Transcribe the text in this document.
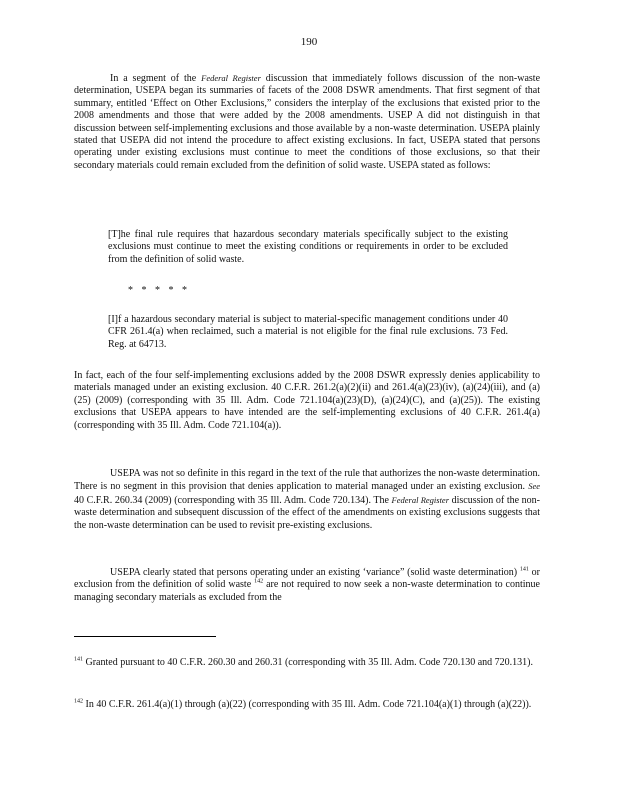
190

In a segment of the Federal Register discussion that immediately follows discussion of the non-waste determination, USEPA began its summaries of facets of the 2008 DSWR amendments. That first segment of that summary, entitled ‘Effect on Other Exclusions,” considers the interplay of the exclusions that existed prior to the 2008 amendments and those that were added by the 2008 amendments. USEP A did not distinguish in that discussion between self-implementing exclusions and those available by a non-waste determination. USEPA plainly stated that USEPA did not intend the procedure to affect existing exclusions. In fact, USEPA stated that persons operating under existing exclusions must continue to meet the conditions of those exclusions, so that their secondary materials could remain excluded from the definition of solid waste. USEPA stated as follows:

[T]he final rule requires that hazardous secondary materials specifically subject to the existing exclusions must continue to meet the existing conditions or requirements in order to be excluded from the definition of solid waste.
* * * * *
[I]f a hazardous secondary material is subject to material-specific management conditions under 40 CFR 261.4(a) when reclaimed, such a material is not eligible for the final rule exclusions. 73 Fed. Reg. at 64713.

In fact, each of the four self-implementing exclusions added by the 2008 DSWR expressly denies applicability to materials managed under an existing exclusion. 40 C.F.R. 261.2(a)(2)(ii) and 261.4(a)(23)(iv), (a)(24)(iii), and (a)(25) (2009) (corresponding with 35 Ill. Adm. Code 721.104(a)(23)(D), (a)(24)(C), and (a)(25)). The existing exclusions that USEPA appears to have intended are the self-implementing exclusions of 40 C.F.R. 261.4(a) (corresponding with 35 Ill. Adm. Code 721.104(a)).

USEPA was not so definite in this regard in the text of the rule that authorizes the non-waste determination. There is no segment in this provision that denies application to material managed under an existing exclusion. See 40 C.F.R. 260.34 (2009) (corresponding with 35 Ill. Adm. Code 720.134). The Federal Register discussion of the non-waste determination and subsequent discussion of the effect of the amendments on existing exclusions suggests that the non-waste determination can be used to revisit pre-existing exclusions.

USEPA clearly stated that persons operating under an existing ‘variance” (solid waste determination) $^{141}$ or exclusion from the definition of solid waste $^{142}$ are not required to now seek a non-waste determination to continue managing secondary materials as excluded from the

$^{141}$ Granted pursuant to 40 C.F.R. 260.30 and 260.31 (corresponding with 35 Ill. Adm. Code 720.130 and 720.131).

$^{142}$ In 40 C.F.R. 261.4(a)(1) through (a)(22) (corresponding with 35 Ill. Adm. Code 721.104(a)(1) through (a)(22)).
